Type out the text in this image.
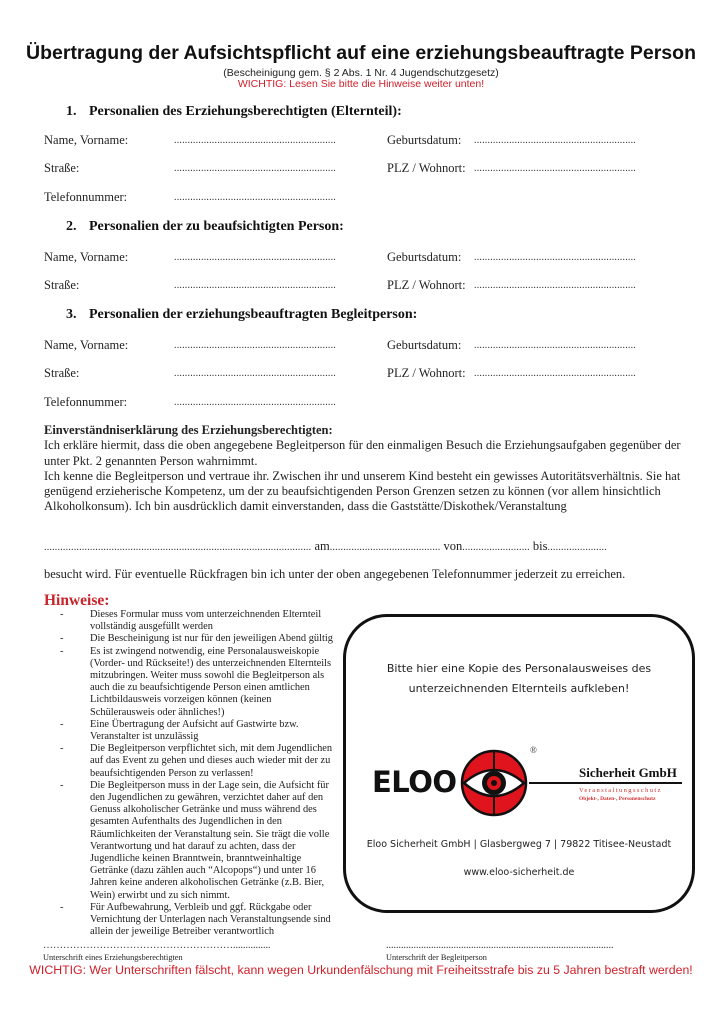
Übertragung der Aufsichtspflicht auf eine erziehungsbeauftragte Person
(Bescheinigung gem. § 2 Abs. 1 Nr. 4 Jugendschutzgesetz)
WICHTIG: Lesen Sie bitte die Hinweise weiter unten!
1. Personalien des Erziehungsberechtigten (Elternteil):
Name, Vorname:	............................................................	Geburtsdatum: ............................................................
Straße:	............................................................	PLZ / Wohnort: ............................................................
Telefonnummer:	............................................................
2. Personalien der zu beaufsichtigten Person:
Name, Vorname:	............................................................	Geburtsdatum: ............................................................
Straße:	............................................................	PLZ / Wohnort: ............................................................
3. Personalien der erziehungsbeauftragten Begleitperson:
Name, Vorname:	............................................................	Geburtsdatum: ............................................................
Straße:	............................................................	PLZ / Wohnort: ............................................................
Telefonnummer:	............................................................
Einverständniserklärung des Erziehungsberechtigten:
Ich erkläre hiermit, dass die oben angegebene Begleitperson für den einmaligen Besuch die Erziehungsaufgaben gegenüber der unter Pkt. 2 genannten Person wahrnimmt.
Ich kenne die Begleitperson und vertraue ihr. Zwischen ihr und unserem Kind besteht ein gewisses Autoritätsverhältnis. Sie hat genügend erzieherische Kompetenz, um der zu beaufsichtigenden Person Grenzen setzen zu können (vor allem hinsichtlich Alkoholkonsum). Ich bin ausdrücklich damit einverstanden, dass die Gaststätte/Diskothek/Veranstaltung
................................................................................................... am......................................... von......................... bis......................
besucht wird. Für eventuelle Rückfragen bin ich unter der oben angegebenen Telefonnummer jederzeit zu erreichen.
Hinweise:
-	Dieses Formular muss vom unterzeichnenden Elternteil vollständig ausgefüllt werden
-	Die Bescheinigung ist nur für den jeweiligen Abend gültig
-	Es ist zwingend notwendig, eine Personalausweiskopie (Vorder- und Rückseite!) des unterzeichnenden Elternteils mitzubringen. Weiter muss sowohl die Begleitperson als auch die zu beaufsichtigende Person einen amtlichen Lichtbildausweis vorzeigen können (keinen Schülerausweis oder ähnliches!)
-	Eine Übertragung der Aufsicht auf Gastwirte bzw. Veranstalter ist unzulässig
-	Die Begleitperson verpflichtet sich, mit dem Jugendlichen auf das Event zu gehen und dieses auch wieder mit der zu beaufsichtigenden Person zu verlassen!
-	Die Begleitperson muss in der Lage sein, die Aufsicht für den Jugendlichen zu gewähren, verzichtet daher auf den Genuss alkoholischer Getränke und muss während des gesamten Aufenthalts des Jugendlichen in den Räumlichkeiten der Veranstaltung sein. Sie trägt die volle Verantwortung und hat darauf zu achten, dass der Jugendliche keinen Branntwein, branntweinhaltige Getränke (dazu zählen auch “Alcopops“) und unter 16 Jahren keine anderen alkoholischen Getränke (z.B. Bier, Wein) erwirbt und zu sich nimmt.
-	Für Aufbewahrung, Verbleib und ggf. Rückgabe oder Vernichtung der Unterlagen nach Veranstaltungsende sind allein der jeweilige Betreiber verantwortlich
Bitte hier eine Kopie des Personalausweises des
unterzeichnenden Elternteils aufkleben!
ELOO
®
Sicherheit GmbH
Veranstaltungsschutz
Objekt-, Daten-, Personenschutz
Eloo Sicherheit GmbH | Glasbergweg 7 | 79822 Titisee-Neustadt
www.eloo-sicherheit.de
…………………………………………………...............
Unterschrift eines Erziehungsberechtigten
...........................................................................................
Unterschrift der Begleitperson
WICHTIG: Wer Unterschriften fälscht, kann wegen Urkundenfälschung mit Freiheitsstrafe bis zu 5 Jahren bestraft werden!
